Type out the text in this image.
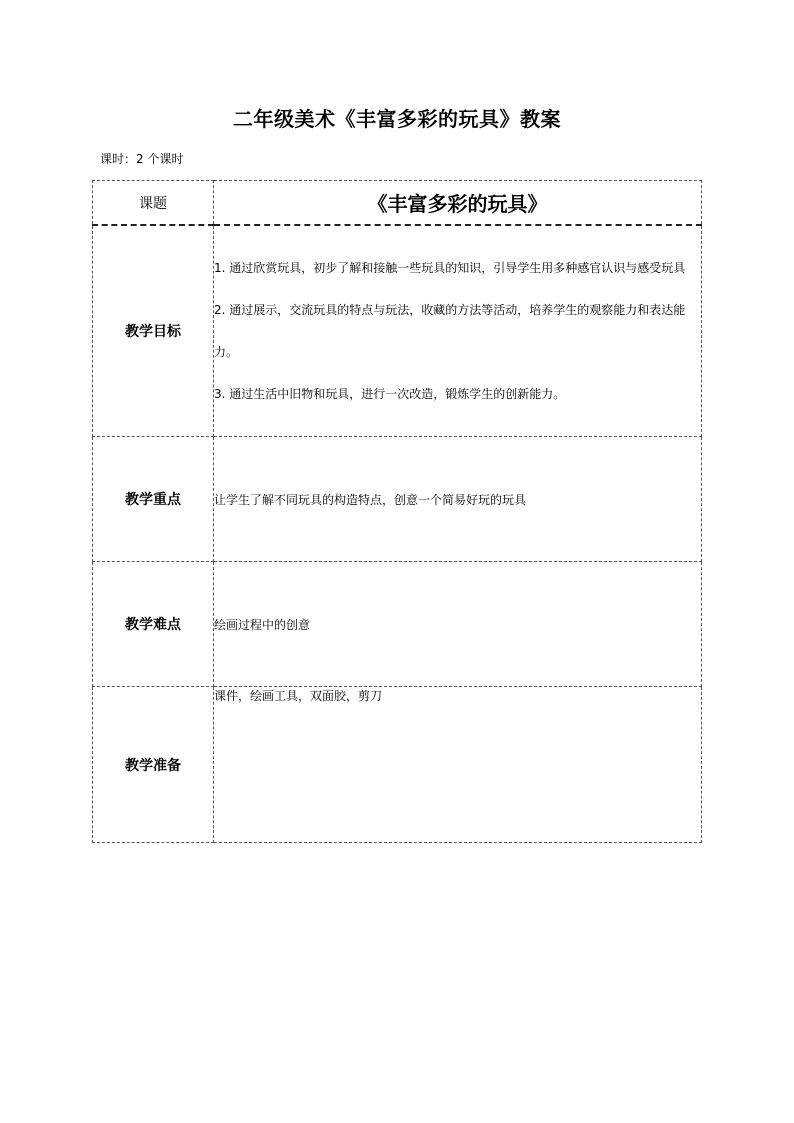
二年级美术《丰富多彩的玩具》教案
课时：2 个课时
课题	《丰富多彩的玩具》
教学目标	1. 通过欣赏玩具，初步了解和接触一些玩具的知识，引导学生用多种感官认识与感受玩具
2. 通过展示，交流玩具的特点与玩法，收藏的方法等活动，培养学生的观察能力和表达能力。
3. 通过生活中旧物和玩具，进行一次改造，锻炼学生的创新能力。

教学重点	让学生了解不同玩具的构造特点，创意一个简易好玩的玩具
教学难点	绘画过程中的创意
教学准备	课件，绘画工具，双面胶，剪刀
